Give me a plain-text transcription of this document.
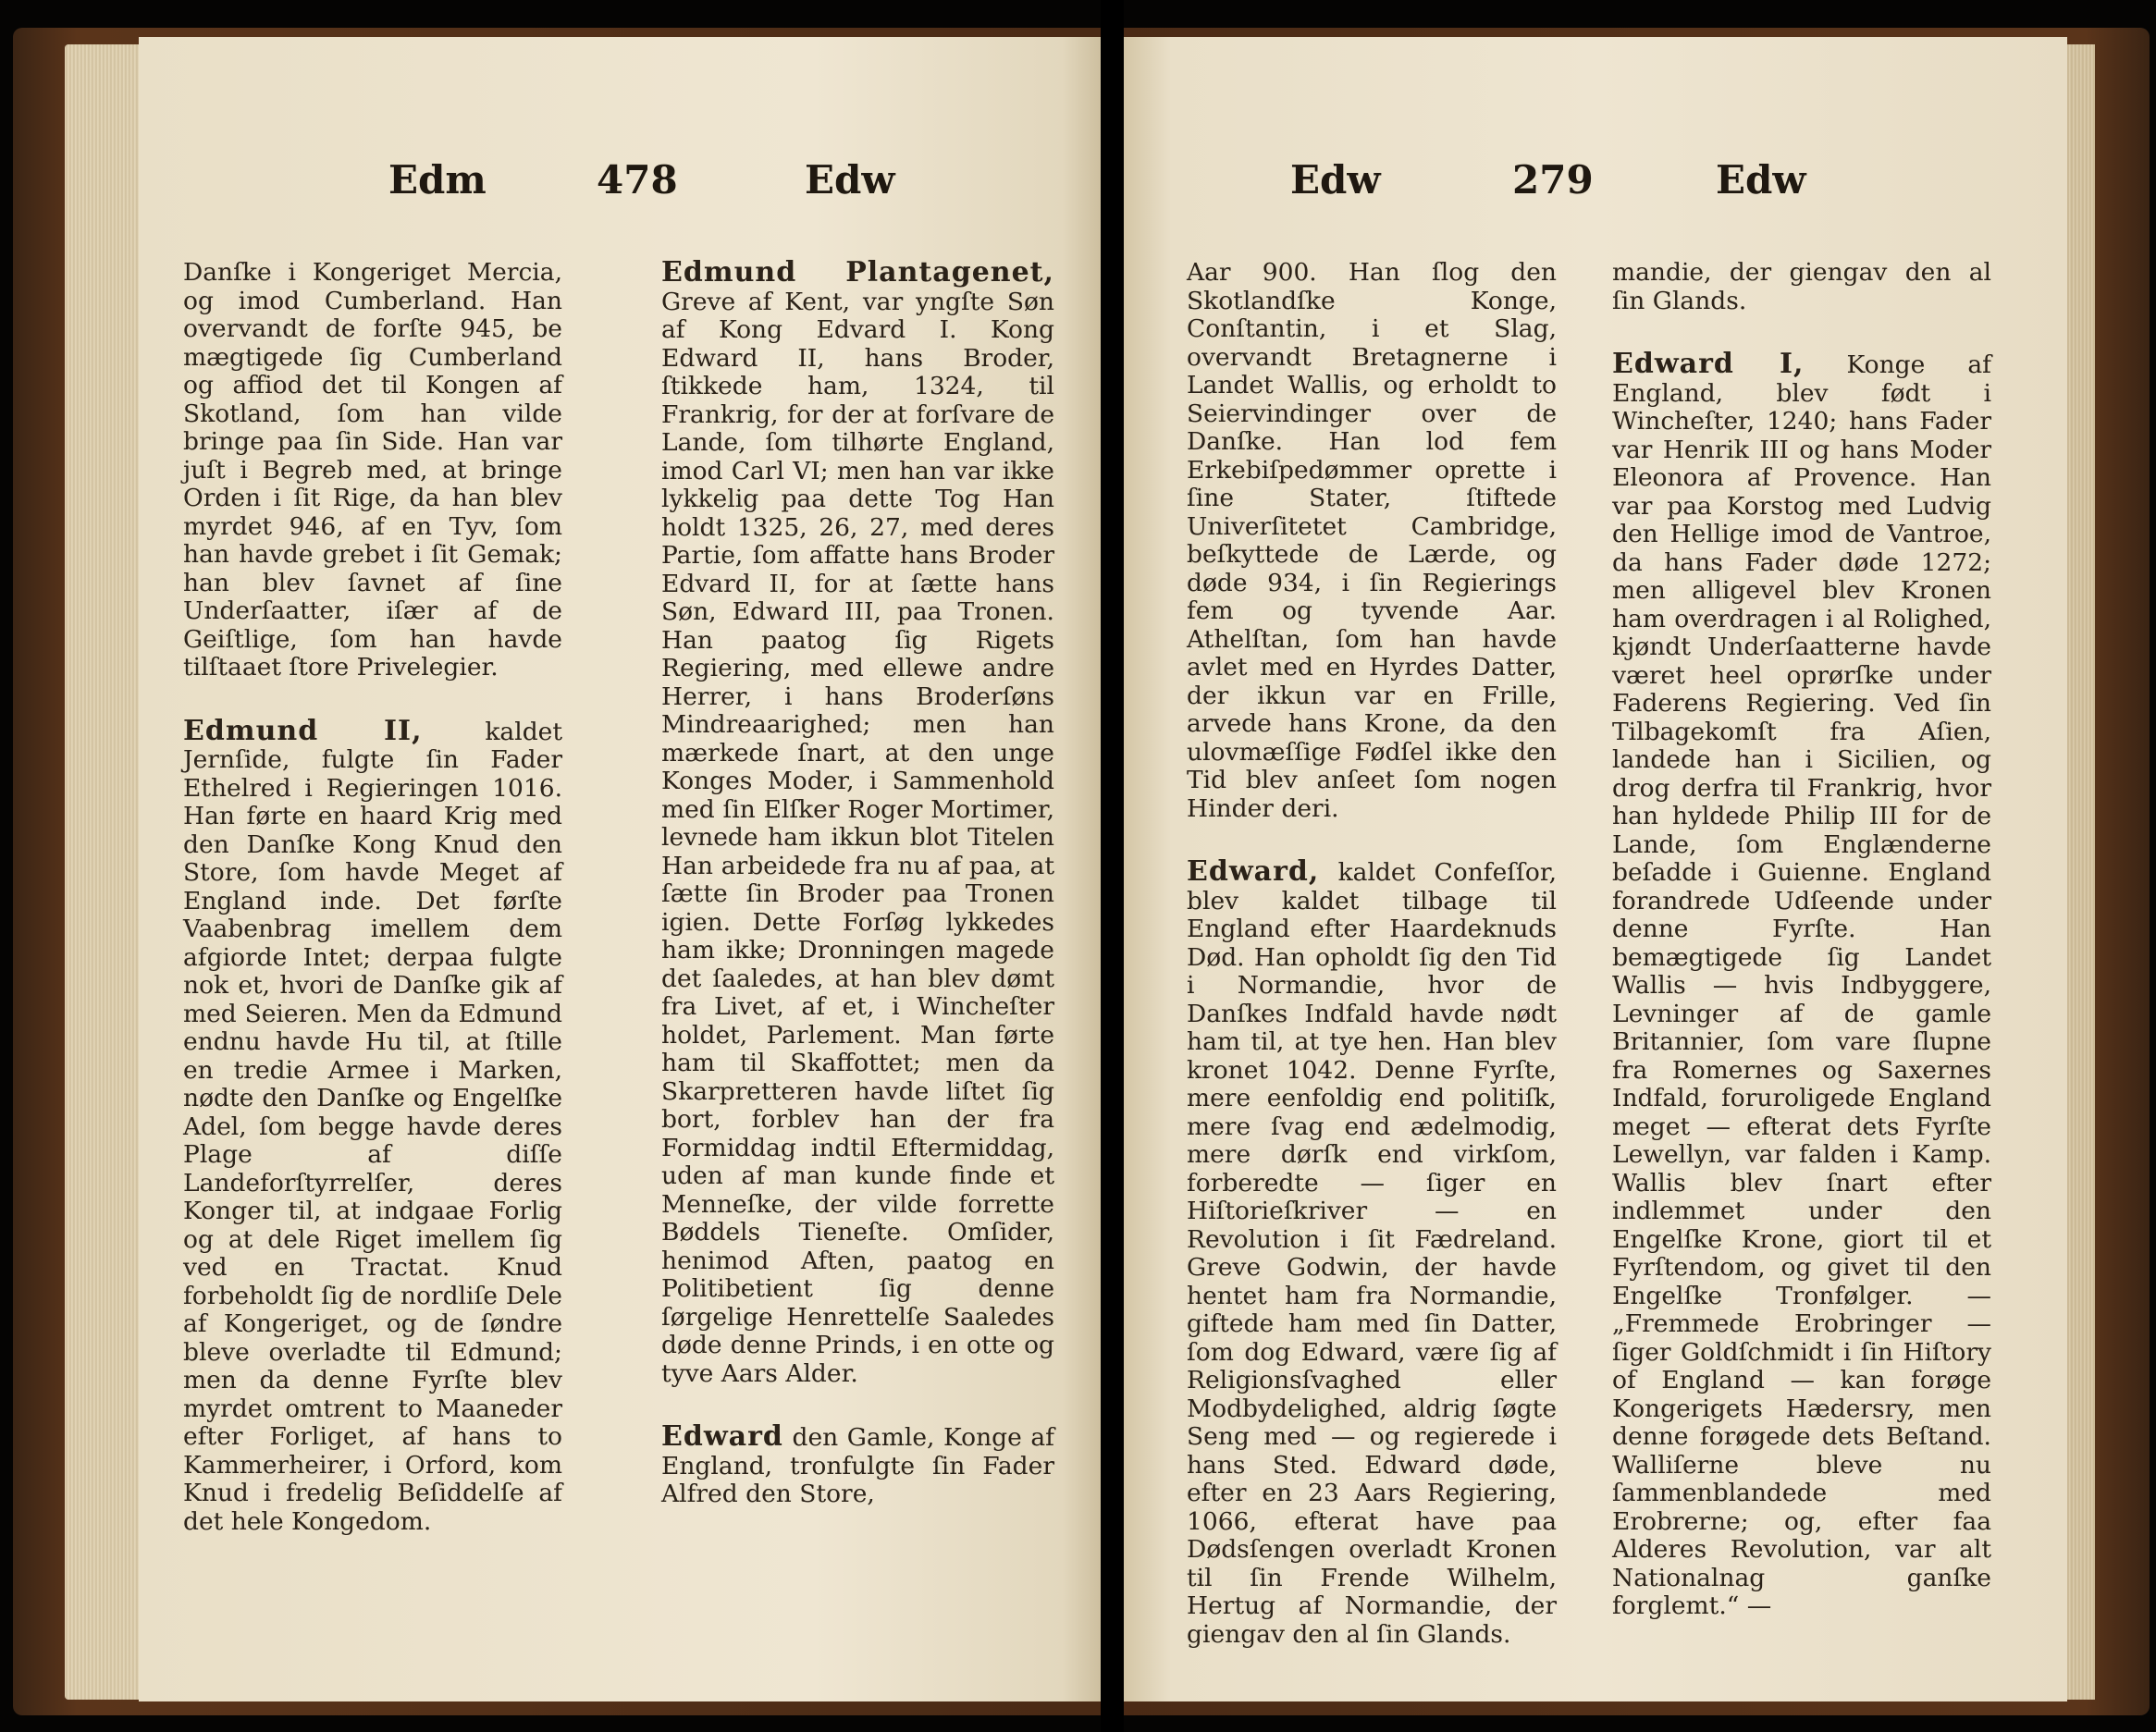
Edm	478	Edw

Danſke i Kongeriget Mercia, og imod Cumberland. Han overvandt de forſte 945, be mægtigede ſig Cumberland og affiod det til Kongen af Skotland, ſom han vilde bringe paa ſin Side. Han var juſt i Begreb med, at bringe Orden i ſit Rige, da han blev myrdet 946, af en Tyv, ſom han havde grebet i ſit Gemak; han blev ſavnet af ſine Underſaatter, iſær af de Geiſtlige, ſom han havde tilſtaaet ſtore Privelegier.

Edmund II,	kaldet Jernſide, fulgte ſin Fader Ethelred i Regieringen 1016. Han førte en haard Krig med den Danſke Kong Knud den Store, ſom havde Meget af England inde. Det førſte Vaabenbrag imellem dem afgiorde Intet; derpaa fulgte nok et, hvori de Danſke gik af med Seieren. Men da Edmund endnu havde Hu til, at ſtille en tredie Armee i Marken, nødte den Danſke og Engelſke Adel, ſom begge havde deres Plage af diſſe Landeforſtyrrelſer, deres Konger til, at indgaae Forlig og at dele Riget imellem ſig ved en Tractat. Knud forbeholdt ſig de nordliſe Dele af Kongeriget, og de ſøndre bleve overladte til Edmund; men da denne Fyrſte blev myrdet omtrent to Maaneder efter Forliget, af hans to Kammerheirer, i Orford, kom Knud i fredelig Beſiddelſe af det hele Kongedom.

Edmund Plantagenet, Greve af Kent, var yngſte Søn af Kong Edvard I. Kong Edward II, hans Broder, ſtikkede ham, 1324, til Frankrig, for der at forſvare de Lande, ſom tilhørte England, imod Carl VI; men han var ikke lykkelig paa dette Tog Han holdt 1325, 26, 27, med deres Partie, ſom affatte hans Broder Edvard II, for at ſætte hans Søn, Edward III, paa Tronen. Han paatog ſig Rigets Regiering, med ellewe andre Herrer, i hans Broderſøns Mindreaarighed; men han mærkede ſnart, at den unge Konges Moder, i Sammenhold med ſin Elſker Roger Mortimer, levnede ham ikkun blot Titelen Han arbeidede fra nu af paa, at ſætte ſin Broder paa Tronen igien. Dette Forſøg lykkedes ham ikke; Dronningen magede det ſaaledes, at han blev dømt fra Livet, af et, i Wincheſter holdet, Parlement. Man førte ham til Skaffottet; men da Skarpretteren havde liſtet ſig bort, forblev han der fra Formiddag indtil Eftermiddag, uden af man kunde finde et Menneſke, der vilde forrette Bøddels Tieneſte. Omſider, henimod Aften, paatog en Politibetient ſig denne ſørgelige Henrettelſe Saaledes døde denne Prinds, i en otte og tyve Aars Alder.

Edward den Gamle, Konge af England, tronfulgte ſin Fader Alfred den Store,

Edw	279	Edw

Aar 900. Han ſlog den Skotlandſke Konge, Conſtantin, i et Slag, overvandt Bretagnerne i Landet Wallis, og erholdt to Seiervindinger over de Danſke. Han lod fem Erkebiſpedømmer oprette i ſine Stater, ſtiftede Univerſitetet Cambridge, beſkyttede de Lærde, og døde 934, i ſin Regierings fem og tyvende Aar. Athelſtan, ſom han havde avlet med en Hyrdes Datter, der ikkun var en Frille, arvede hans Krone, da den ulovmæſſige Fødſel ikke den Tid blev anſeet ſom nogen Hinder deri.

Edward, kaldet Confeſſor, blev kaldet tilbage til England efter Haardeknuds Død. Han opholdt ſig den Tid i Normandie, hvor de Danſkes Indfald havde nødt ham til, at tye hen. Han blev kronet 1042. Denne Fyrſte, mere eenfoldig end politiſk, mere ſvag end ædelmodig, mere dørſk end virkſom, forberedte — ſiger en Hiſtorieſkriver — en Revolution i ſit Fædreland. Greve Godwin, der havde hentet ham fra Normandie, giftede ham med ſin Datter, ſom dog Edward, være ſig af Religionsſvaghed eller Modbydelighed, aldrig ſøgte Seng med — og regierede i hans Sted. Edward døde, efter en 23 Aars Regiering, 1066, efterat have paa Dødsſengen overladt Kronen til ſin Frende Wilhelm, Hertug af Normandie, der giengav den al ſin Glands.

mandie, der giengav den al ſin Glands.

Edward I, Konge af England, blev født i Wincheſter, 1240; hans Fader var Henrik III og hans Moder Eleonora af Provence. Han var paa Korstog med Ludvig den Hellige imod de Vantroe, da hans Fader døde 1272; men alligevel blev Kronen ham overdragen i al Rolighed, kjøndt Underſaatterne havde været heel oprørſke under Faderens Regiering. Ved ſin Tilbagekomſt fra Aſien, landede han i Sicilien, og drog derfra til Frankrig, hvor han hyldede Philip III for de Lande, ſom Englænderne beſadde i Guienne. England forandrede Udſeende under denne Fyrſte. Han bemægtigede ſig Landet Wallis — hvis Indbyggere, Levninger af de gamle Britannier, ſom vare ſlupne fra Romernes og Saxernes Indfald, foruroligede England meget — efterat dets Fyrſte Lewellyn, var falden i Kamp. Wallis blev ſnart efter indlemmet under den Engelſke Krone, giort til et Fyrſtendom, og givet til den Engelſke Tronfølger. — „Fremmede Erobringer — ſiger Goldſchmidt i ſin Hiſtory of England — kan forøge Kongerigets Hædersry, men denne forøgede dets Beſtand. Walliſerne bleve nu ſammenblandede med Erobrerne; og, efter faa Alderes Revolution, var alt Nationalnag ganſke forglemt.“ —
